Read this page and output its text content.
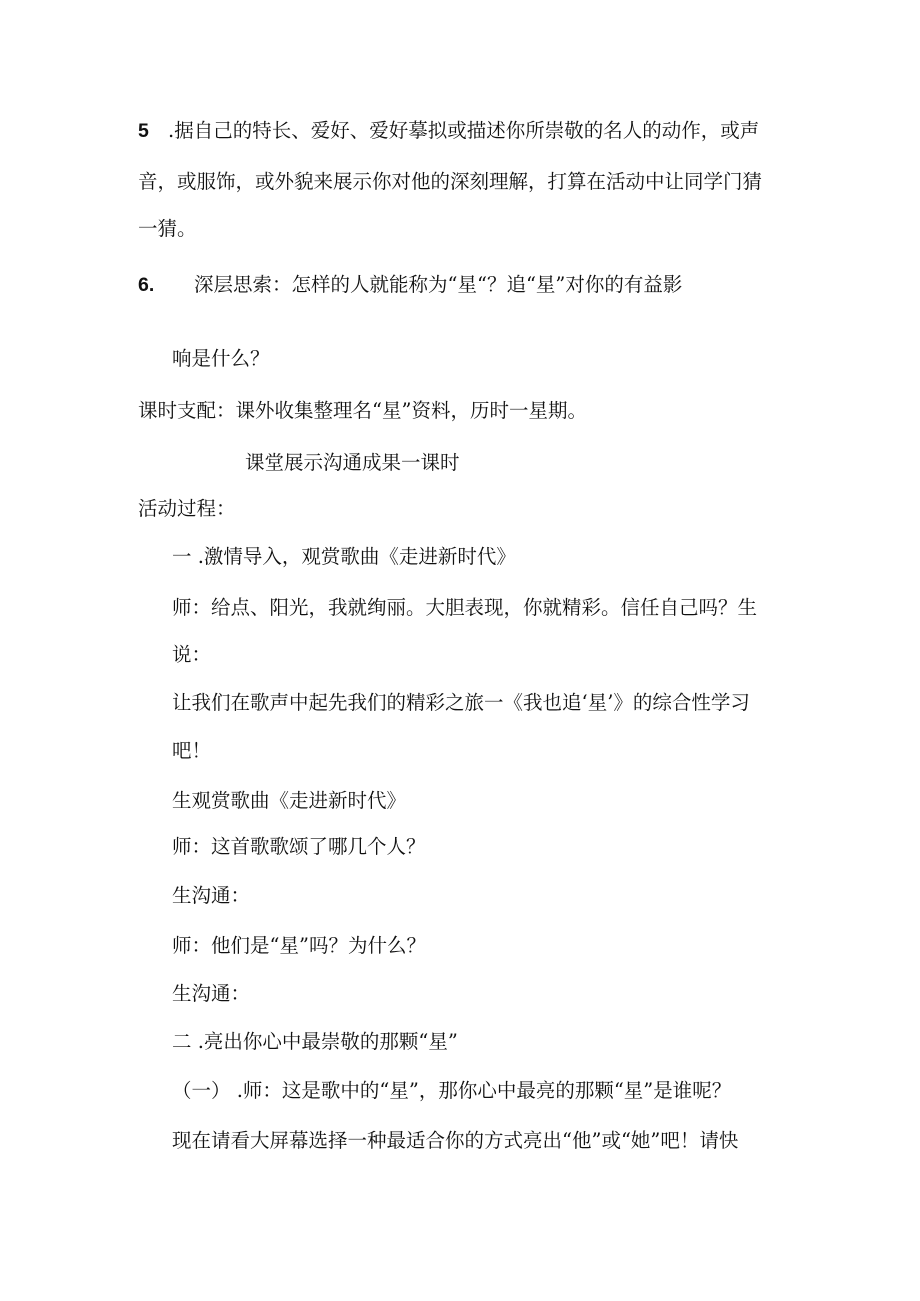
5 .据自己的特长、爱好、爱好摹拟或描述你所崇敬的名人的动作，或声
音，或服饰，或外貌来展示你对他的深刻理解，打算在活动中让同学门猜
一猜。
6. 深层思索：怎样的人就能称为“星“？追“星”对你的有益影
响是什么？
课时支配：课外收集整理名“星”资料，历时一星期。
课堂展示沟通成果一课时
活动过程：
一 .激情导入，观赏歌曲《走进新时代》
师：给点、阳光，我就绚丽。大胆表现，你就精彩。信任自己吗？生
说：
让我们在歌声中起先我们的精彩之旅一《我也追‘星’》的综合性学习
吧！
生观赏歌曲《走进新时代》
师：这首歌歌颂了哪几个人？
生沟通：
师：他们是“星”吗？为什么？
生沟通：
二 .亮出你心中最崇敬的那颗“星”
（一） .师：这是歌中的“星”，那你心中最亮的那颗“星”是谁呢？
现在请看大屏幕选择一种最适合你的方式亮出“他”或“她”吧！请快
